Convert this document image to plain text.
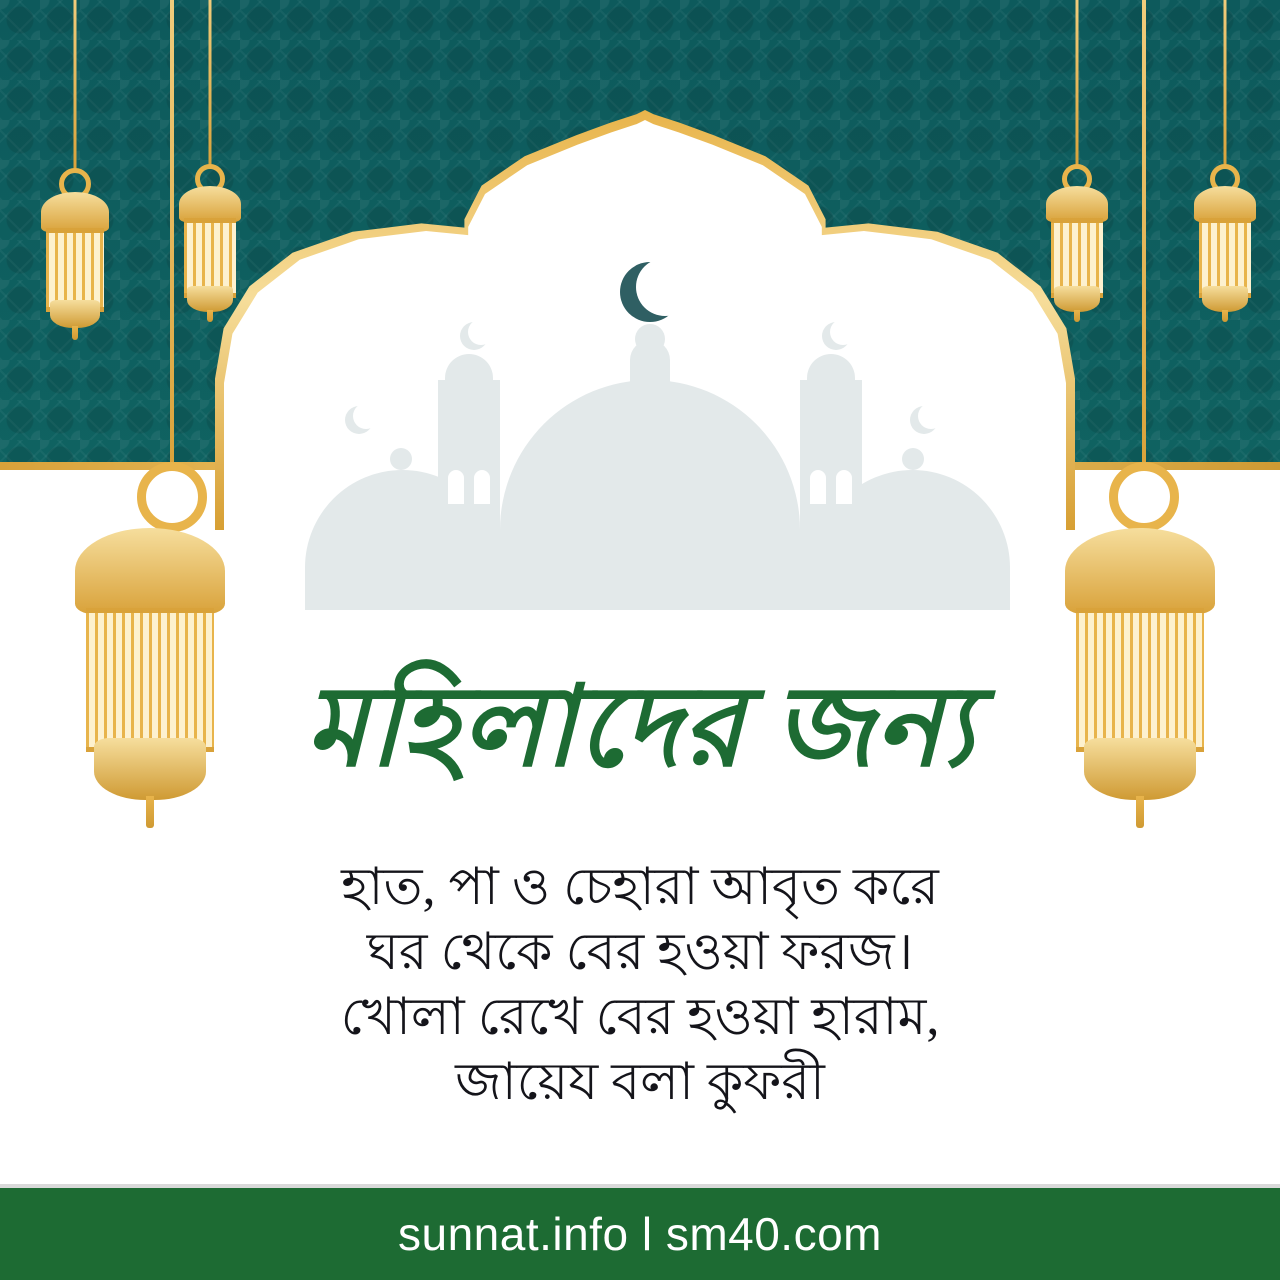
মহিলাদের জন্য
হাত, পা ও চেহারা আবৃত করে
ঘর থেকে বের হওয়া ফরজ।
খোলা রেখে বের হওয়া হারাম,
জায়েয বলা কুফরী
sunnat.info l sm40.com
